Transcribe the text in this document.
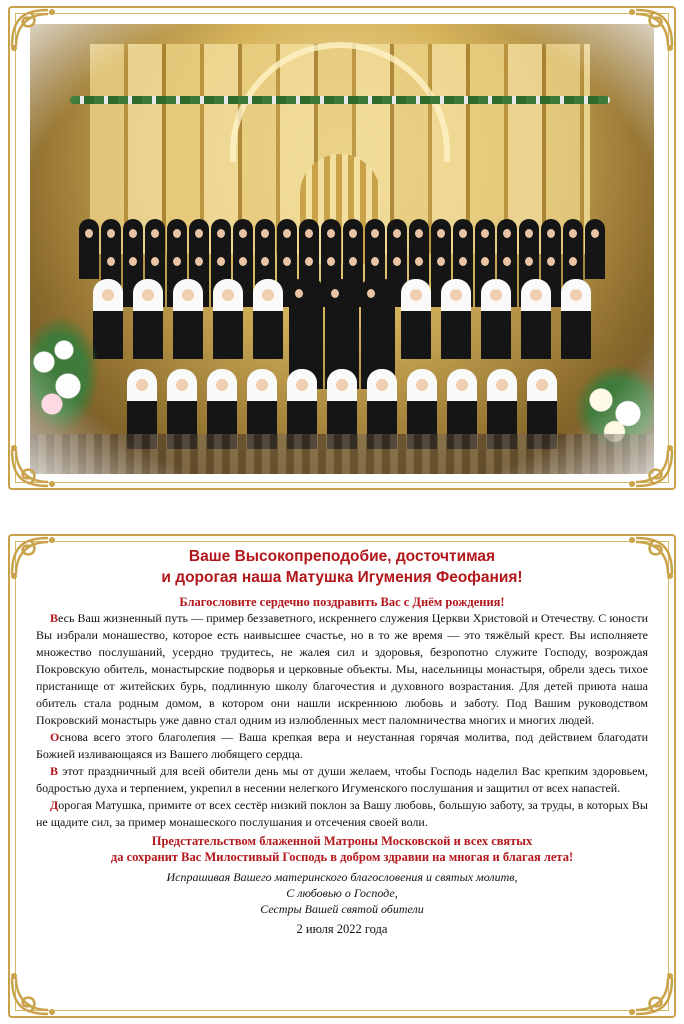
Ваше Высокопреподобие, досточтимая
и дорогая наша Матушка Игумения Феофания!

Благословите сердечно поздравить Вас с Днём рождения!

Весь Ваш жизненный путь — пример беззаветного, искреннего служения Церкви Христовой и Отечеству. С юности Вы избрали монашество, которое есть наивысшее счастье, но в то же время — это тяжёлый крест. Вы исполняете множество послушаний, усердно трудитесь, не жалея сил и здоровья, безропотно служите Господу, возрождая Покровскую обитель, монастырские подворья и церковные объекты. Мы, насельницы монастыря, обрели здесь тихое пристанище от житейских бурь, подлинную школу благочестия и духовного возрастания. Для детей приюта наша обитель стала родным домом, в котором они нашли искреннюю любовь и заботу. Под Вашим руководством Покровский монастырь уже давно стал одним из излюбленных мест паломничества многих и многих людей.

Основа всего этого благолепия — Ваша крепкая вера и неустанная горячая молитва, под действием благодати Божией изливающаяся из Вашего любящего сердца.

В этот праздничный для всей обители день мы от души желаем, чтобы Господь наделил Вас крепким здоровьем, бодростью духа и терпением, укрепил в несении нелегкого Игуменского послушания и защитил от всех напастей.

Дорогая Матушка, примите от всех сестёр низкий поклон за Вашу любовь, большую заботу, за труды, в которых Вы не щадите сил, за пример монашеского послушания и отсечения своей воли.

Предстательством блаженной Матроны Московской и всех святых
да сохранит Вас Милостивый Господь в добром здравии на многая и благая лета!

Испрашивая Вашего материнского благословения и святых молитв,
С любовью о Господе,
Сестры Вашей святой обители

2 июля 2022 года
